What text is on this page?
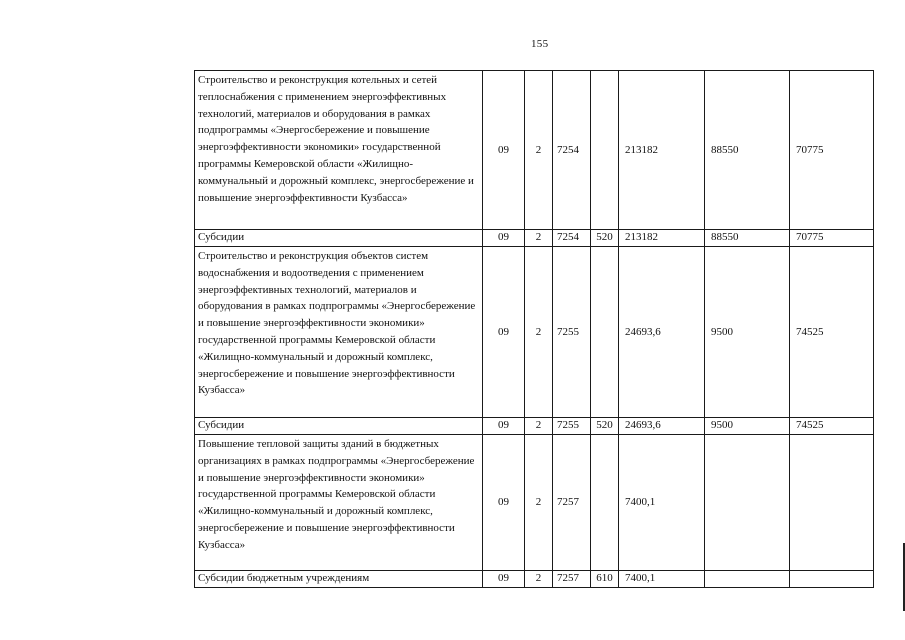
155
Строительство и реконструкция котельных и сетей теплоснабжения с применением энергоэффективных технологий, материалов и оборудования в рамках подпрограммы «Энергосбережение и повышение энергоэффективности экономики» государственной программы Кемеровской области «Жилищно-коммунальный и дорожный комплекс, энергосбережение и повышение энергоэффективности Кузбасса»	09	2	7254		213182	88550	70775
Субсидии	09	2	7254	520	213182	88550	70775
Строительство и реконструкция объектов систем водоснабжения и водоотведения с применением энергоэффективных технологий, материалов и оборудования в рамках подпрограммы «Энергосбережение и повышение энергоэффективности экономики» государственной программы Кемеровской области «Жилищно-коммунальный и дорожный комплекс, энергосбережение и повышение энергоэффективности Кузбасса»	09	2	7255		24693,6	9500	74525
Субсидии	09	2	7255	520	24693,6	9500	74525
Повышение тепловой защиты зданий в бюджетных организациях в рамках подпрограммы «Энергосбережение и повышение энергоэффективности экономики» государственной программы Кемеровской области «Жилищно-коммунальный и дорожный комплекс, энергосбережение и повышение энергоэффективности Кузбасса»	09	2	7257		7400,1		
Субсидии бюджетным учреждениям	09	2	7257	610	7400,1		
